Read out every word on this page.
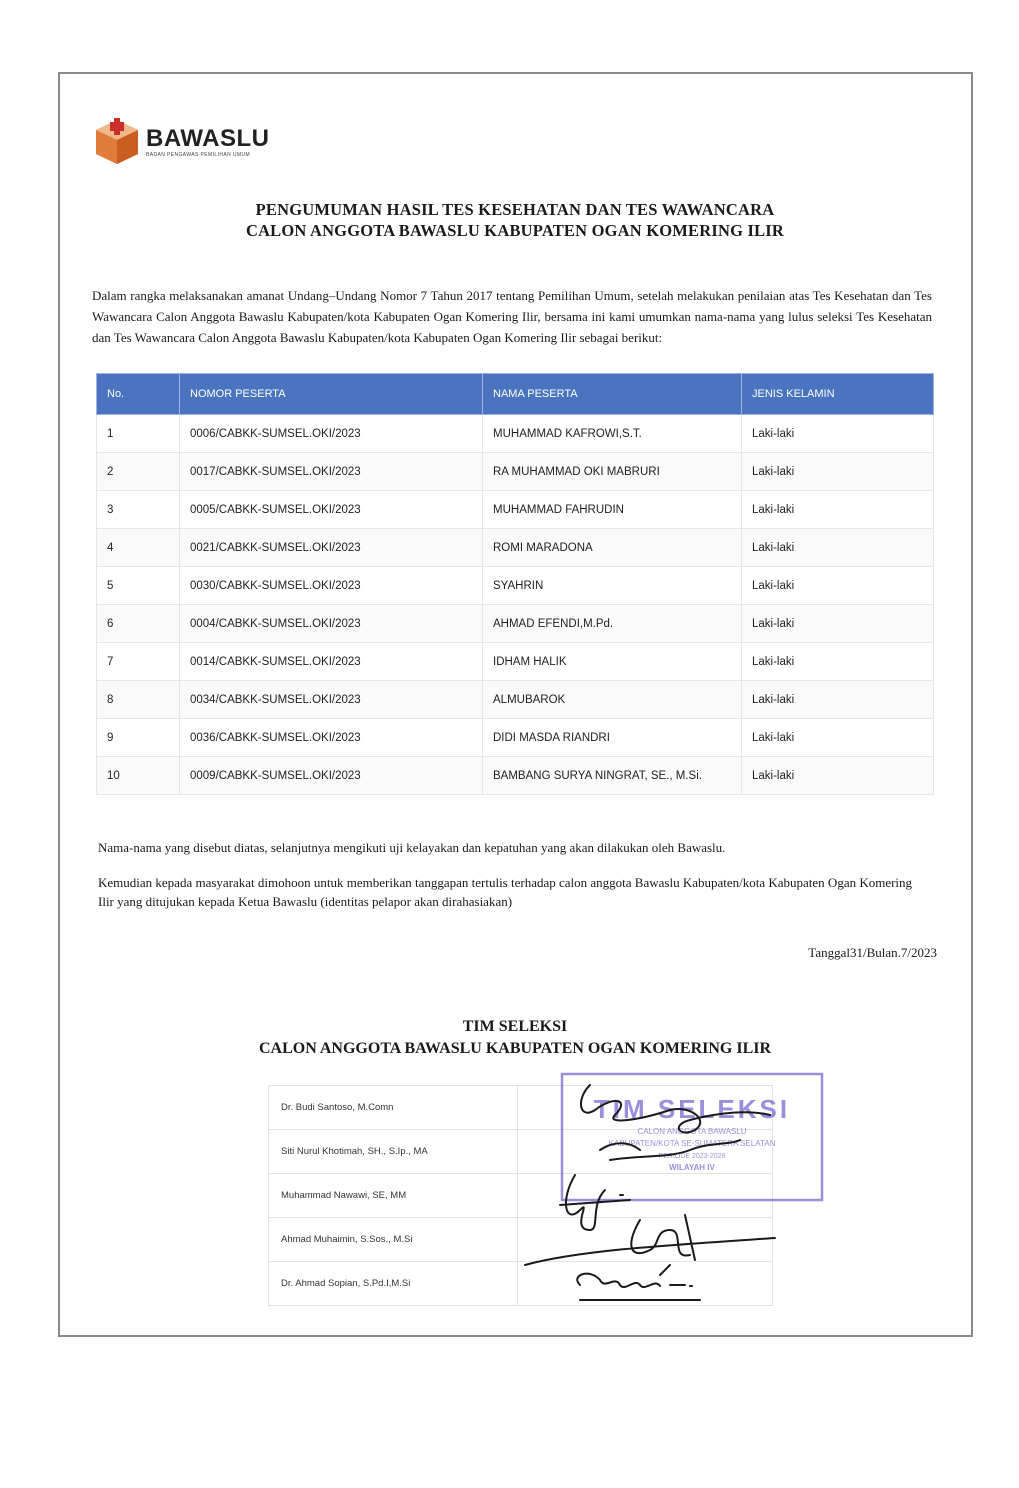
BAWASLU
BADAN PENGAWAS PEMILIHAN UMUM
PENGUMUMAN HASIL TES KESEHATAN DAN TES WAWANCARA
CALON ANGGOTA BAWASLU KABUPATEN OGAN KOMERING ILIR
Dalam rangka melaksanakan amanat Undang–Undang Nomor 7 Tahun 2017 tentang Pemilihan Umum, setelah melakukan penilaian atas Tes Kesehatan dan Tes Wawancara Calon Anggota Bawaslu Kabupaten/kota Kabupaten Ogan Komering Ilir, bersama ini kami umumkan nama-nama yang lulus seleksi Tes Kesehatan dan Tes Wawancara Calon Anggota Bawaslu Kabupaten/kota Kabupaten Ogan Komering Ilir sebagai berikut:
No.	NOMOR PESERTA	NAMA PESERTA	JENIS KELAMIN
1	0006/CABKK-SUMSEL.OKI/2023	MUHAMMAD KAFROWI,S.T.	Laki-laki
2	0017/CABKK-SUMSEL.OKI/2023	RA MUHAMMAD OKI MABRURI	Laki-laki
3	0005/CABKK-SUMSEL.OKI/2023	MUHAMMAD FAHRUDIN	Laki-laki
4	0021/CABKK-SUMSEL.OKI/2023	ROMI MARADONA	Laki-laki
5	0030/CABKK-SUMSEL.OKI/2023	SYAHRIN	Laki-laki
6	0004/CABKK-SUMSEL.OKI/2023	AHMAD EFENDI,M.Pd.	Laki-laki
7	0014/CABKK-SUMSEL.OKI/2023	IDHAM HALIK	Laki-laki
8	0034/CABKK-SUMSEL.OKI/2023	ALMUBAROK	Laki-laki
9	0036/CABKK-SUMSEL.OKI/2023	DIDI MASDA RIANDRI	Laki-laki
10	0009/CABKK-SUMSEL.OKI/2023	BAMBANG SURYA NINGRAT, SE., M.Si.	Laki-laki
Nama-nama yang disebut diatas, selanjutnya mengikuti uji kelayakan dan kepatuhan yang akan dilakukan oleh Bawaslu.
Kemudian kepada masyarakat dimohoon untuk memberikan tanggapan tertulis terhadap calon anggota Bawaslu Kabupaten/kota Kabupaten Ogan Komering Ilir yang ditujukan kepada Ketua Bawaslu (identitas pelapor akan dirahasiakan)
Tanggal31/Bulan.7/2023
TIM SELEKSI
CALON ANGGOTA BAWASLU KABUPATEN OGAN KOMERING ILIR
Dr. Budi Santoso, M.Comn	
Siti Nurul Khotimah, SH., S.Ip., MA	
Muhammad Nawawi, SE, MM	
Ahmad Muhaimin, S.Sos., M.Si	
Dr. Ahmad Sopian, S.Pd.I,M.Si	
TIM SELEKSI
CALON ANGGOTA BAWASLU
KABUPATEN/KOTA SE-SUMATERA SELATAN
PERIODE 2023-2028
WILAYAH IV
